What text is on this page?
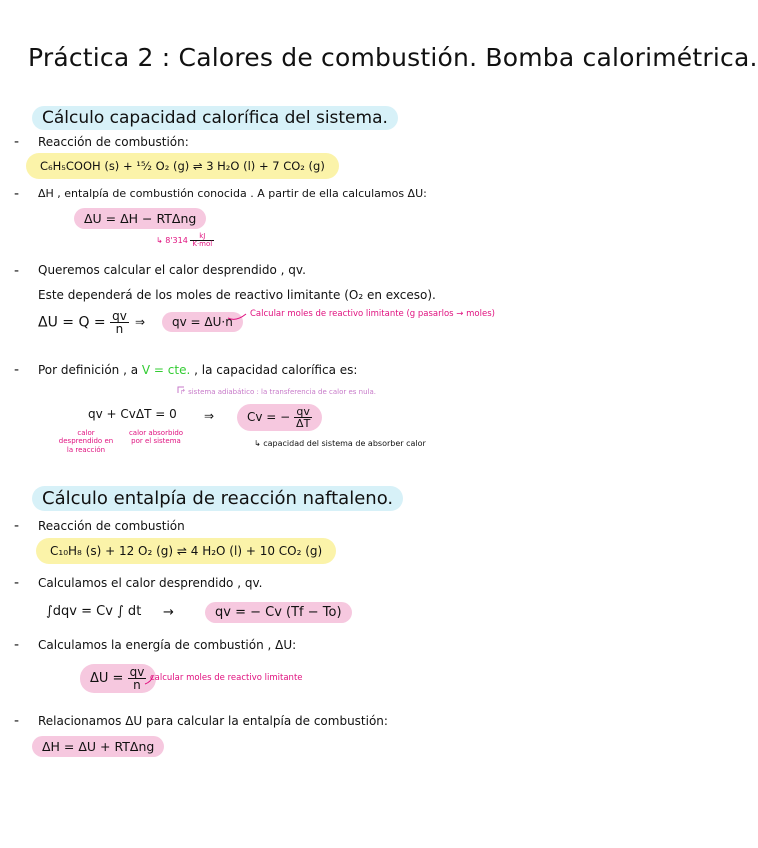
Práctica 2 : Calores de combustión. Bomba calorimétrica.
Cálculo capacidad calorífica del sistema.
- Reacción de combustión:
C₆H₅COOH (s) + ¹⁵⁄₂ O₂ (g) ⇌ 3 H₂O (l) + 7 CO₂ (g)
- ΔH , entalpía de combustión conocida . A partir de ella calculamos ΔU:
ΔU = ΔH − RTΔng
↳ $8'314 \frac{kJ}{\text{K·mol}}$
- Queremos calcular el calor desprendido , qv.
Este dependerá de los moles de reactivo limitante (O₂ en exceso).
$\Delta U = Q = \frac{qv}{n}$ ⇒	qv = ΔU·n
Calcular moles de reactivo limitante (g pasarlos → moles)
- Por definición , a V = cte. , la capacidad calorífica es:
↱ sistema adiabático : la transferencia de calor es nula.
qv + CvΔT = 0
calor desprendido en la reacción
calor absorbido por el sistema
⇒	Cv = − $\frac{qv}{\Delta T}$
↳ capacidad del sistema de absorber calor
Cálculo entalpía de reacción naftaleno.
- Reacción de combustión
C₁₀H₈ (s) + 12 O₂ (g) ⇌ 4 H₂O (l) + 10 CO₂ (g)
- Calculamos el calor desprendido , qv.
∫dqv = Cv ∫ dt →	qv = − Cv (Tf − To)
- Calculamos la energía de combustión , ΔU:
$\Delta U = \frac{qv}{n}$ calcular moles de reactivo limitante
- Relacionamos ΔU para calcular la entalpía de combustión:
ΔH = ΔU + RTΔng
